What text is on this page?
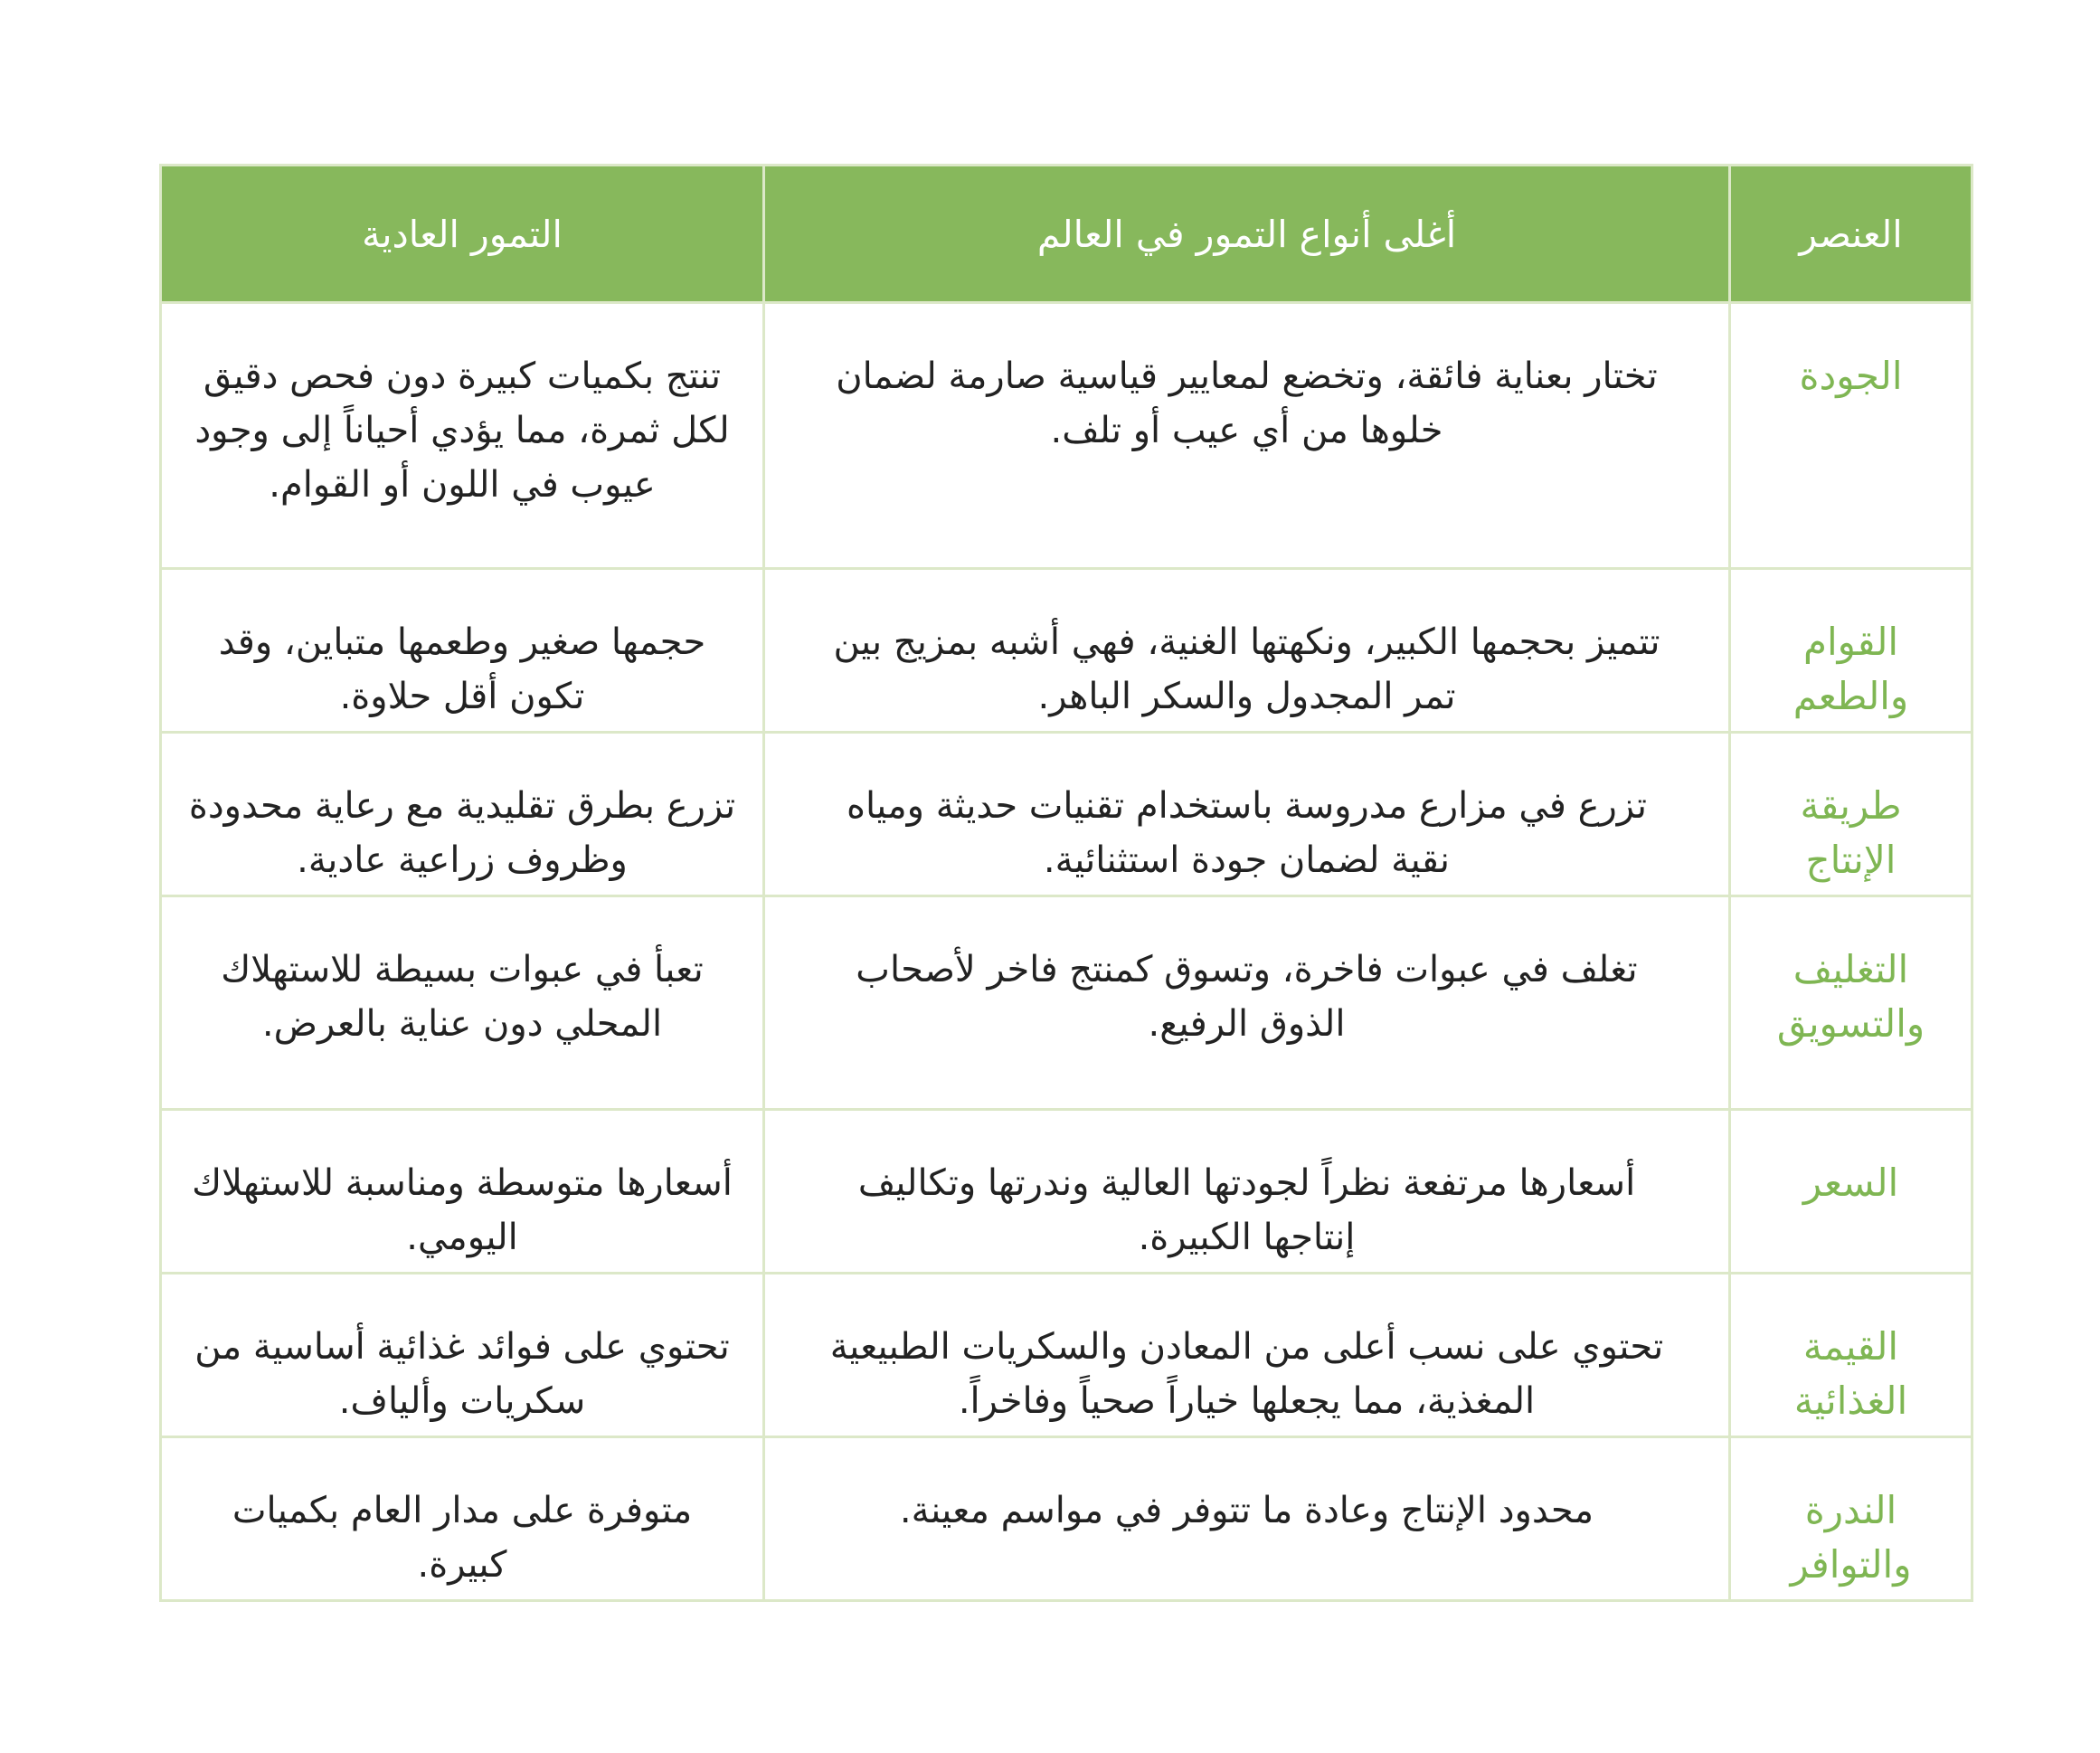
العنصر	أغلى أنواع التمور في العالم	التمور العادية
الجودة	تختار بعناية فائقة، وتخضع لمعايير قياسية صارمة لضمان خلوها من أي عيب أو تلف.	تنتج بكميات كبيرة دون فحص دقيق لكل ثمرة، مما يؤدي أحياناً إلى وجود عيوب في اللون أو القوام.
القوام والطعم	تتميز بحجمها الكبير، ونكهتها الغنية، فهي أشبه بمزيج بين تمر المجدول والسكر الباهر.	حجمها صغير وطعمها متباين، وقد تكون أقل حلاوة.
طريقة الإنتاج	تزرع في مزارع مدروسة باستخدام تقنيات حديثة ومياه نقية لضمان جودة استثنائية.	تزرع بطرق تقليدية مع رعاية محدودة وظروف زراعية عادية.
التغليف والتسويق	تغلف في عبوات فاخرة، وتسوق كمنتج فاخر لأصحاب الذوق الرفيع.	تعبأ في عبوات بسيطة للاستهلاك المحلي دون عناية بالعرض.
السعر	أسعارها مرتفعة نظراً لجودتها العالية وندرتها وتكاليف إنتاجها الكبيرة.	أسعارها متوسطة ومناسبة للاستهلاك اليومي.
القيمة الغذائية	تحتوي على نسب أعلى من المعادن والسكريات الطبيعية المغذية، مما يجعلها خياراً صحياً وفاخراً.	تحتوي على فوائد غذائية أساسية من سكريات وألياف.
الندرة والتوافر	محدود الإنتاج وعادة ما تتوفر في مواسم معينة.	متوفرة على مدار العام بكميات كبيرة.
